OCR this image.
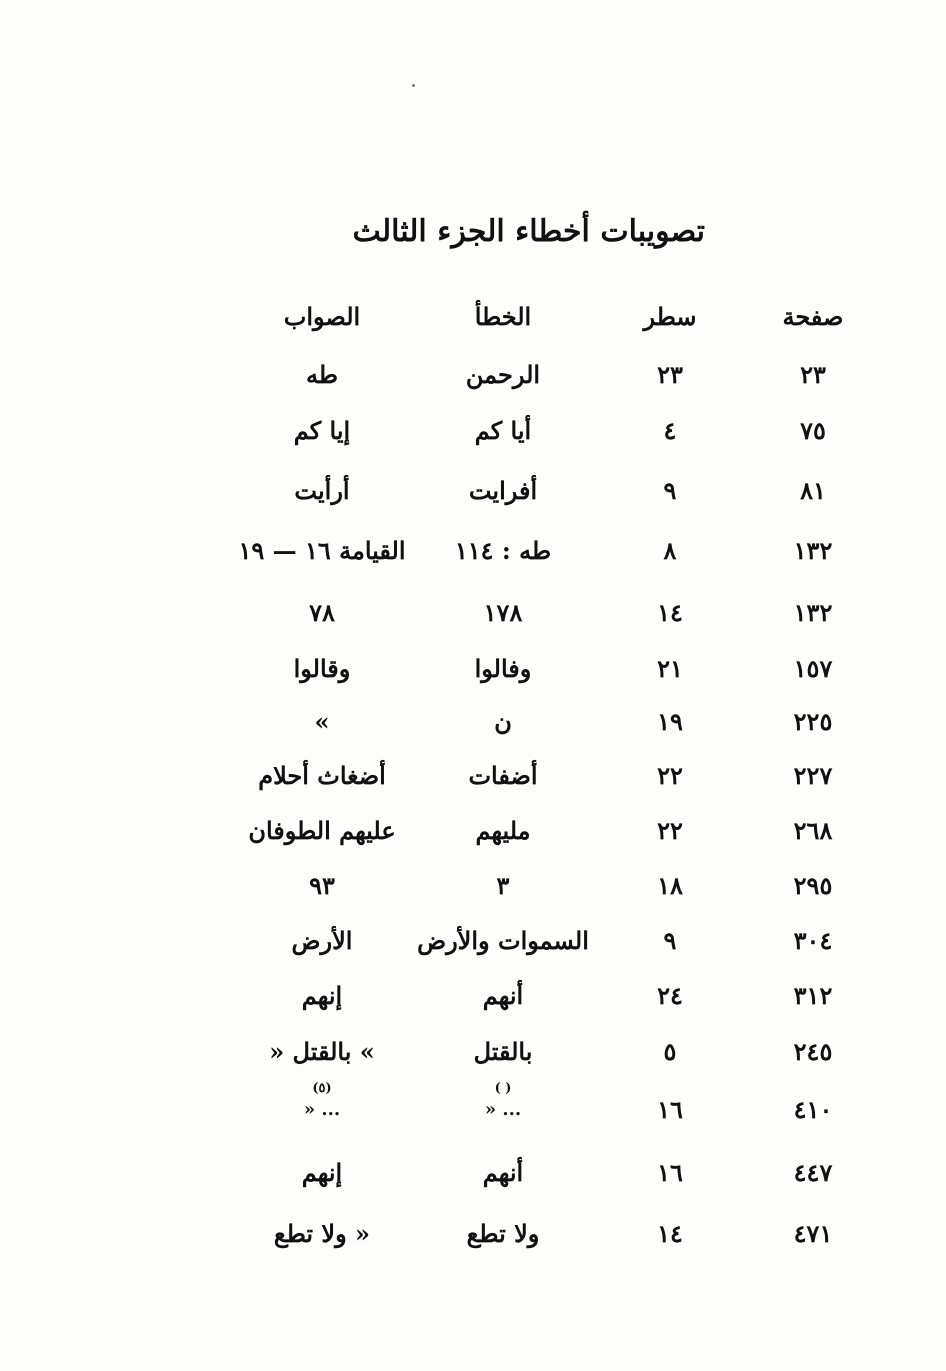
تصويبات أخطاء الجزء الثالث
صفحة
سطر
الخطأ
الصواب
٢٣
٢٣
الرحمن
طه
٧٥
٤
أيا كم
إيا كم
٨١
٩
أفرايت
أرأيت
١٣٢
٨
طه : ١١٤
القيامة ١٦ — ١٩
١٣٢
١٤
١٧٨
٧٨
١٥٧
٢١
وفالوا
وقالوا
٢٢٥
١٩
ن
»
٢٢٧
٢٢
أضفات
أضغاث أحلام
٢٦٨
٢٢
مليهم
عليهم الطوفان
٢٩٥
١٨
٣
٩٣
٣٠٤
٩
السموات والأرض
الأرض
٣١٢
٢٤
أنهم
إنهم
٢٤٥
٥
بالقتل
» بالقتل «
٤١٠
١٦
( )
... «
(٥)
... «
٤٤٧
١٦
أنهم
إنهم
٤٧١
١٤
ولا تطع
« ولا تطع
